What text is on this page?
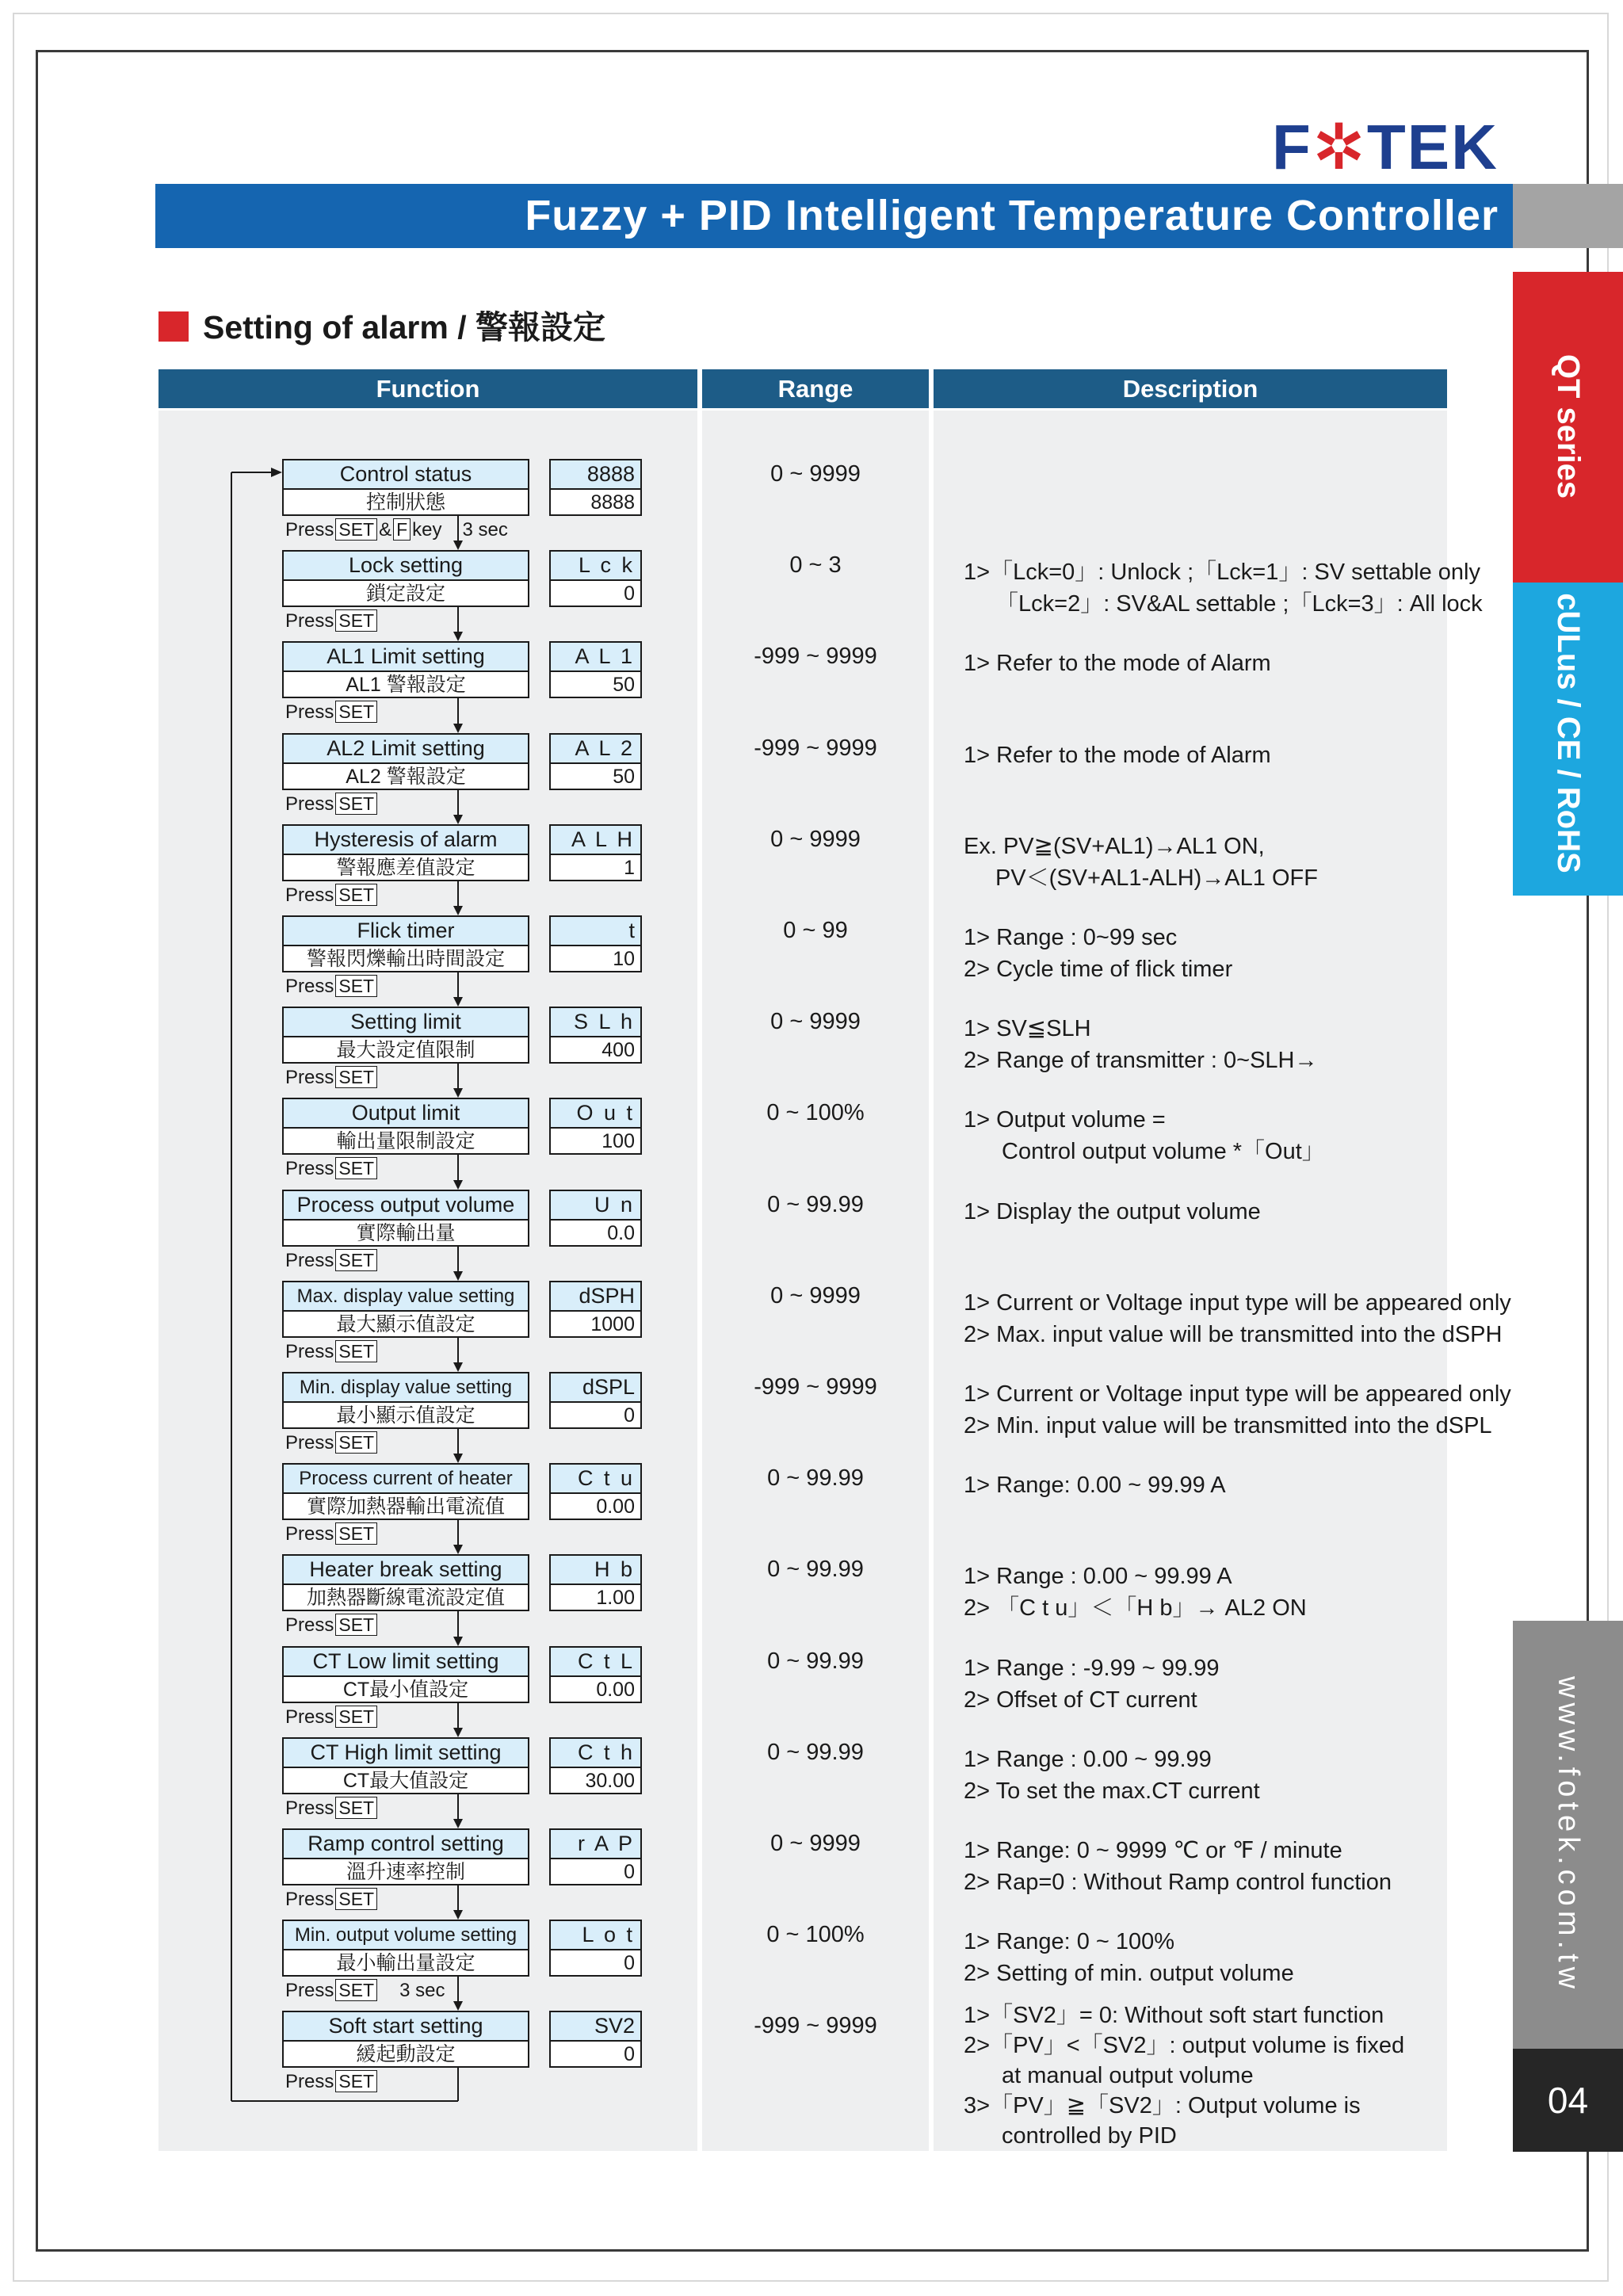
F✲TEK
Fuzzy + PID Intelligent Temperature Controller
Setting of alarm / 警報設定
Function	Range	Description
Control status
控制狀態
8888
8888
Press SET & F key 3 sec
0 ~ 9999
Lock setting
鎖定設定
L c k
0
Press SET
0 ~ 3	1>「Lck=0」: Unlock ;「Lck=1」: SV settable only
「Lck=2」: SV&AL settable ;「Lck=3」: All lock
AL1 Limit setting
AL1 警報設定
A L 1
50
Press SET
-999 ~ 9999	1> Refer to the mode of Alarm
AL2 Limit setting
AL2 警報設定
A L 2
50
Press SET
-999 ~ 9999	1> Refer to the mode of Alarm
Hysteresis of alarm
警報應差值設定
A L H
1
Press SET
0 ~ 9999	Ex. PV≧(SV+AL1)→AL1 ON,
PV＜(SV+AL1-ALH)→AL1 OFF
Flick timer
警報閃爍輸出時間設定
t
10
Press SET
0 ~ 99	1> Range : 0~99 sec
2> Cycle time of flick timer
Setting limit
最大設定值限制
S L h
400
Press SET
0 ~ 9999	1> SV≦SLH
2> Range of transmitter : 0~SLH→
Output limit
輸出量限制設定
O u t
100
Press SET
0 ~ 100%	1> Output volume =
Control output volume *「Out」
Process output volume
實際輸出量
U n
0.0
Press SET
0 ~ 99.99	1> Display the output volume
Max. display value setting
最大顯示值設定
dSPH
1000
Press SET
0 ~ 9999	1> Current or Voltage input type will be appeared only
2> Max. input value will be transmitted into the dSPH
Min. display value setting
最小顯示值設定
dSPL
0
Press SET
-999 ~ 9999	1> Current or Voltage input type will be appeared only
2> Min. input value will be transmitted into the dSPL
Process current of heater
實際加熱器輸出電流值
C t u
0.00
Press SET
0 ~ 99.99	1> Range: 0.00 ~ 99.99 A
Heater break setting
加熱器斷線電流設定值
H b
1.00
Press SET
0 ~ 99.99	1> Range : 0.00 ~ 99.99 A
2> 「C t u」＜「H b」→ AL2 ON
CT Low limit setting
CT最小值設定
C t L
0.00
Press SET
0 ~ 99.99	1> Range : -9.99 ~ 99.99
2> Offset of CT current
CT High limit setting
CT最大值設定
C t h
30.00
Press SET
0 ~ 99.99	1> Range : 0.00 ~ 99.99
2> To set the max.CT current
Ramp control setting
溫升速率控制
r A P
0
Press SET
0 ~ 9999	1> Range: 0 ~ 9999 ℃ or ℉ / minute
2> Rap=0 : Without Ramp control function
Min. output volume setting
最小輸出量設定
L o t
0
Press SET 3 sec
0 ~ 100%	1> Range: 0 ~ 100%
2> Setting of min. output volume
Soft start setting
緩起動設定
SV2
0
Press SET
-999 ~ 9999	1>「SV2」= 0: Without soft start function
2>「PV」<「SV2」: output volume is fixed
at manual output volume
3>「PV」≧「SV2」: Output volume is
controlled by PID
QT series
cULus / CE / RoHS
www.fotek.com.tw
04
